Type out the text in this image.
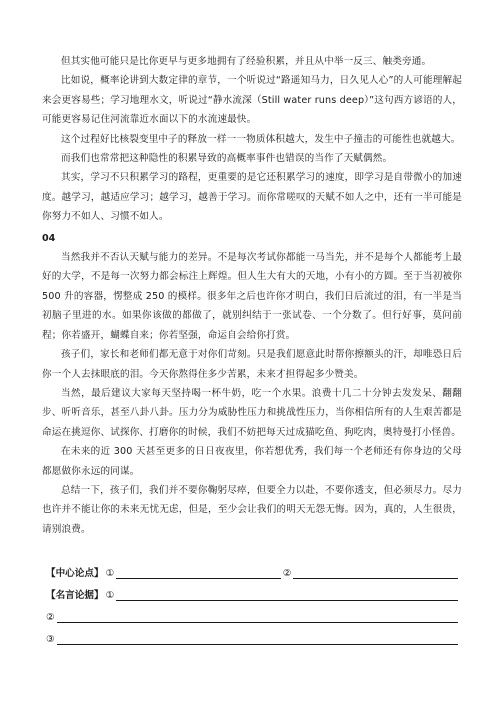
但其实他可能只是比你更早与更多地拥有了经验积累，并且从中举一反三、触类旁通。

比如说，概率论讲到大数定律的章节，一个听说过“路遥知马力，日久见人心”的人可能理解起来会更容易些；学习地理水文，听说过“静水流深（Still water runs deep）”这句西方谚语的人，可能更容易记住河流靠近水面以下的水流速最快。

这个过程好比核裂变里中子的释放一样一一物质体积越大，发生中子撞击的可能性也就越大。

而我们也常常把这种隐性的积累导致的高概率事件也错误的当作了天赋偶然。

其实，学习不只积累学习的路程，更重要的是它还积累学习的速度，即学习是自带微小的加速度。越学习，越适应学习；越学习，越善于学习。而你常嗟叹的天赋不如人之中，还有一半可能是你努力不如人、习惯不如人。

04

当然我并不否认天赋与能力的差异。不是每次考试你都能一马当先，并不是每个人都能考上最好的大学，不是每一次努力都会标注上辉煌。但人生大有大的天地，小有小的方圆。至于当初被你 500 升的容器，愣整成 250 的模样。很多年之后也许你才明白，我们日后流过的泪，有一半是当初脑子里进的水。如果你该做的都做了，就别纠结于一张试卷、一个分数了。但行好事，莫问前程；你若盛开，蝴蝶自来；你若坚强，命运自会给你打赏。

孩子们，家长和老师们都无意于对你们苛刻。只是我们愿意此时帮你擦额头的汗，却唯恐日后你一个人去抹眼底的泪。今天你熬得住多少苦累，未来才担得起多少赞美。

当然，最后建议大家每天坚持喝一杯牛奶，吃一个水果。浪费十几二十分钟去发发呆、翻翻步、听听音乐，甚至八卦八卦。压力分为威胁性压力和挑战性压力，当你相信所有的人生艰苦都是命运在挑逗你、试探你、打磨你的时候，我们不妨把每天过成猫吃鱼、狗吃肉，奥特曼打小怪兽。

在未来的近 300 天甚至更多的日日夜夜里，你若想优秀，我们每一个老师还有你身边的父母都愿做你永远的同谋。

总结一下，孩子们，我们并不要你鞠躬尽瘁，但要全力以赴，不要你透支，但必须尽力。尽力也许并不能让你的未来无忧无虑，但是，至少会让我们的明天无怨无悔。因为，真的，人生很贵，请别浪费。

【中心论点】 ①	②
【名言论据】 ①
②
③
